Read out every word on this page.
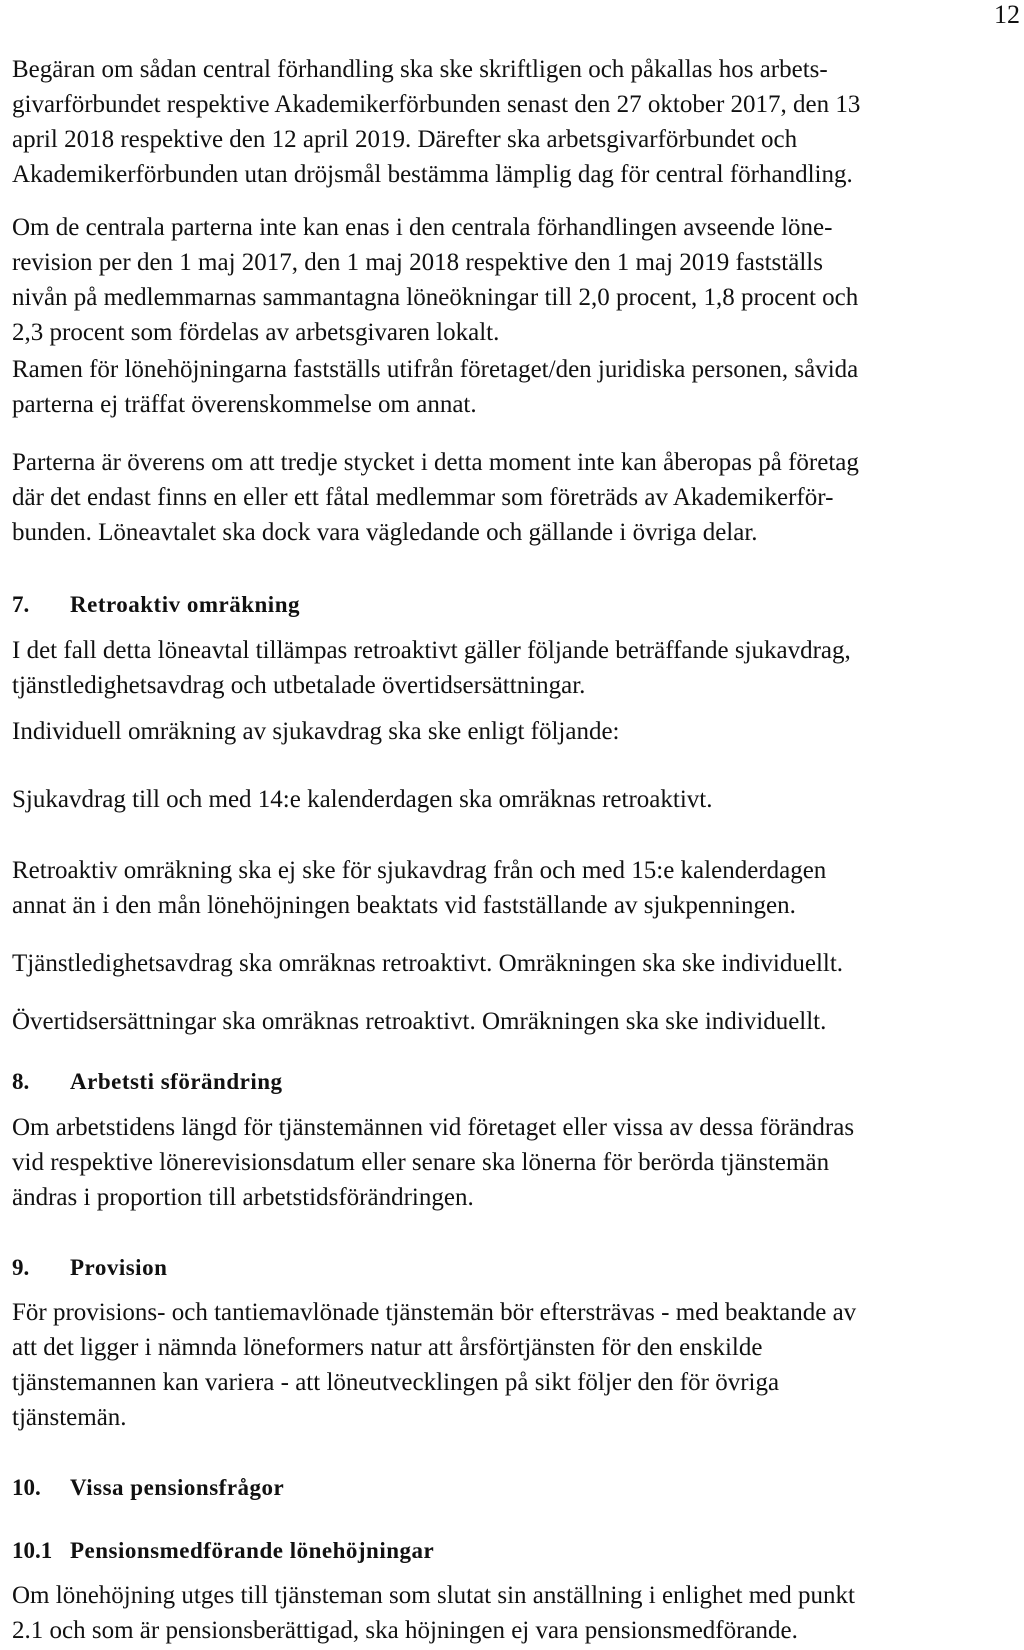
12

Begäran om sådan central förhandling ska ske skriftligen och påkallas hos arbets-
givarförbundet respektive Akademikerförbunden senast den 27 oktober 2017, den 13
april 2018 respektive den 12 april 2019. Därefter ska arbetsgivarförbundet och
Akademikerförbunden utan dröjsmål bestämma lämplig dag för central förhandling.

Om de centrala parterna inte kan enas i den centrala förhandlingen avseende löne-
revision per den 1 maj 2017, den 1 maj 2018 respektive den 1 maj 2019 fastställs
nivån på medlemmarnas sammantagna löneökningar till 2,0 procent, 1,8 procent och
2,3 procent som fördelas av arbetsgivaren lokalt.

Ramen för lönehöjningarna fastställs utifrån företaget/den juridiska personen, såvida
parterna ej träffat överenskommelse om annat.

Parterna är överens om att tredje stycket i detta moment inte kan åberopas på företag
där det endast finns en eller ett fåtal medlemmar som företräds av Akademikerför-
bunden. Löneavtalet ska dock vara vägledande och gällande i övriga delar.

7. Retroaktiv omräkning

I det fall detta löneavtal tillämpas retroaktivt gäller följande beträffande sjukavdrag,
tjänstledighetsavdrag och utbetalade övertidsersättningar.

Individuell omräkning av sjukavdrag ska ske enligt följande:

Sjukavdrag till och med 14:e kalenderdagen ska omräknas retroaktivt.

Retroaktiv omräkning ska ej ske för sjukavdrag från och med 15:e kalenderdagen
annat än i den mån lönehöjningen beaktats vid fastställande av sjukpenningen.

Tjänstledighetsavdrag ska omräknas retroaktivt. Omräkningen ska ske individuellt.

Övertidsersättningar ska omräknas retroaktivt. Omräkningen ska ske individuellt.

8. Arbetsti sförändring

Om arbetstidens längd för tjänstemännen vid företaget eller vissa av dessa förändras
vid respektive lönerevisionsdatum eller senare ska lönerna för berörda tjänstemän
ändras i proportion till arbetstidsförändringen.

9. Provision

För provisions- och tantiemavlönade tjänstemän bör eftersträvas - med beaktande av
att det ligger i nämnda löneformers natur att årsförtjänsten för den enskilde
tjänstemannen kan variera - att löneutvecklingen på sikt följer den för övriga
tjänstemän.

10. Vissa pensionsfrågor
10.1 Pensionsmedförande lönehöjningar

Om lönehöjning utges till tjänsteman som slutat sin anställning i enlighet med punkt
2.1 och som är pensionsberättigad, ska höjningen ej vara pensionsmedförande.
